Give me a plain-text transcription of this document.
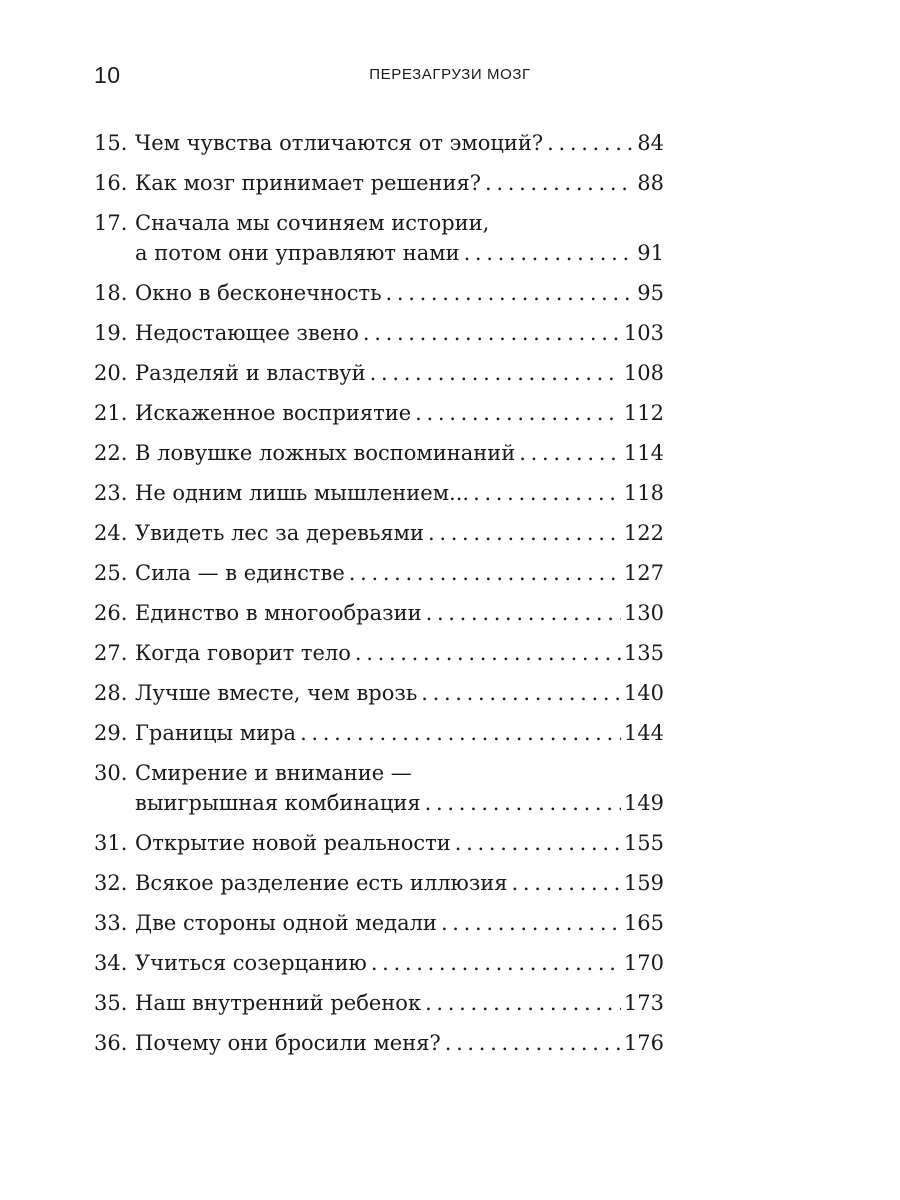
10	ПЕРЕЗАГРУЗИ МОЗГ
15. Чем чувства отличаются от эмоций? . . .	84
16. Как мозг принимает решения? . . .	88
17. Сначала мы сочиняем истории,
а потом они управляют нами . . .	91
18. Окно в бесконечность . . .	95
19. Недостающее звено . . .	103
20. Разделяй и властвуй . . .	108
21. Искаженное восприятие . . .	112
22. В ловушке ложных воспоминаний . . .	114
23. Не одним лишь мышлением... . . .	118
24. Увидеть лес за деревьями . . .	122
25. Сила — в единстве . . .	127
26. Единство в многообразии . . .	130
27. Когда говорит тело . . .	135
28. Лучше вместе, чем врозь . . .	140
29. Границы мира . . .	144
30. Смирение и внимание —
выигрышная комбинация . . .	149
31. Открытие новой реальности . . .	155
32. Всякое разделение есть иллюзия . . .	159
33. Две стороны одной медали . . .	165
34. Учиться созерцанию . . .	170
35. Наш внутренний ребенок . . .	173
36. Почему они бросили меня? . . .	176
